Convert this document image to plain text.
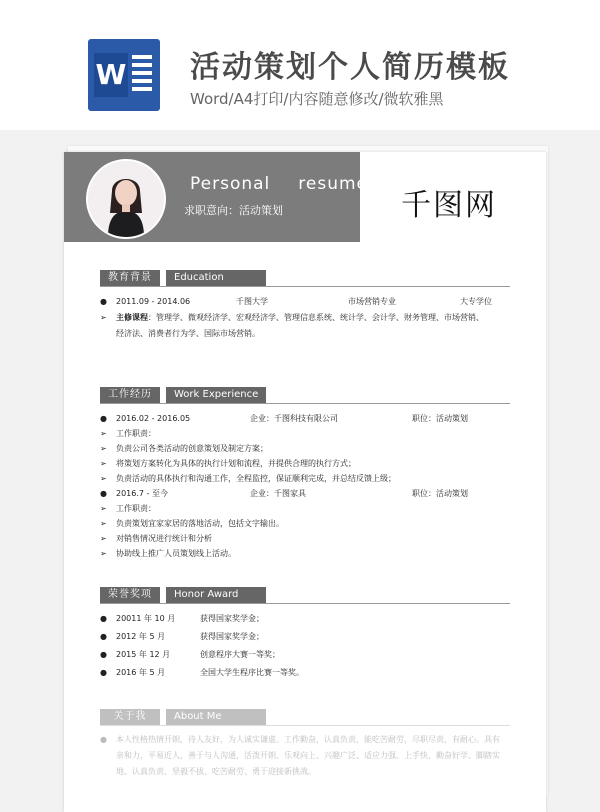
W 活动策划个人简历模板
Word/A4打印/内容随意修改/微软雅黑
Personal resume
求职意向：活动策划	千图网
教育背景	Education
● 2011.09 - 2014.06	千图大学	市场营销专业	大专学位
➢ 主修课程：管理学、微观经济学、宏观经济学、管理信息系统、统计学、会计学、财务管理、市场营销、
经济法、消费者行为学、国际市场营销。
工作经历	Work Experience
● 2016.02 - 2016.05	企业：千图科技有限公司	职位：活动策划
➢ 工作职责：
➢ 负责公司各类活动的创意策划及制定方案；
➢ 将策划方案转化为具体的执行计划和流程，并提供合理的执行方式；
➢ 负责活动的具体执行和沟通工作，全程监控，保证顺利完成，并总结反馈上级；
● 2016.7 - 至今	企业：千图家具	职位：活动策划
➢ 工作职责：
➢ 负责策划宜家家居的落地活动，包括文字输出。
➢ 对销售情况进行统计和分析
➢ 协助线上推广人员策划线上活动。
荣誉奖项	Honor Award
● 20011 年 10 月	获得国家奖学金；
● 2012 年 5 月	获得国家奖学金；
● 2015 年 12 月	创意程序大赛一等奖；
● 2016 年 5 月	全国大学生程序比赛一等奖。
关于我	About Me
● 本人性格热情开朗，待人友好，为人诚实谦虚。工作勤奋，认真负责，能吃苦耐劳，尽职尽责，有耐心。具有
亲和力，平易近人，善于与人沟通，活泼开朗、乐观向上、兴趣广泛、适应力强、上手快、勤奋好学、脚踏实
地、认真负责、坚毅不拔、吃苦耐劳、勇于迎接新挑战。
